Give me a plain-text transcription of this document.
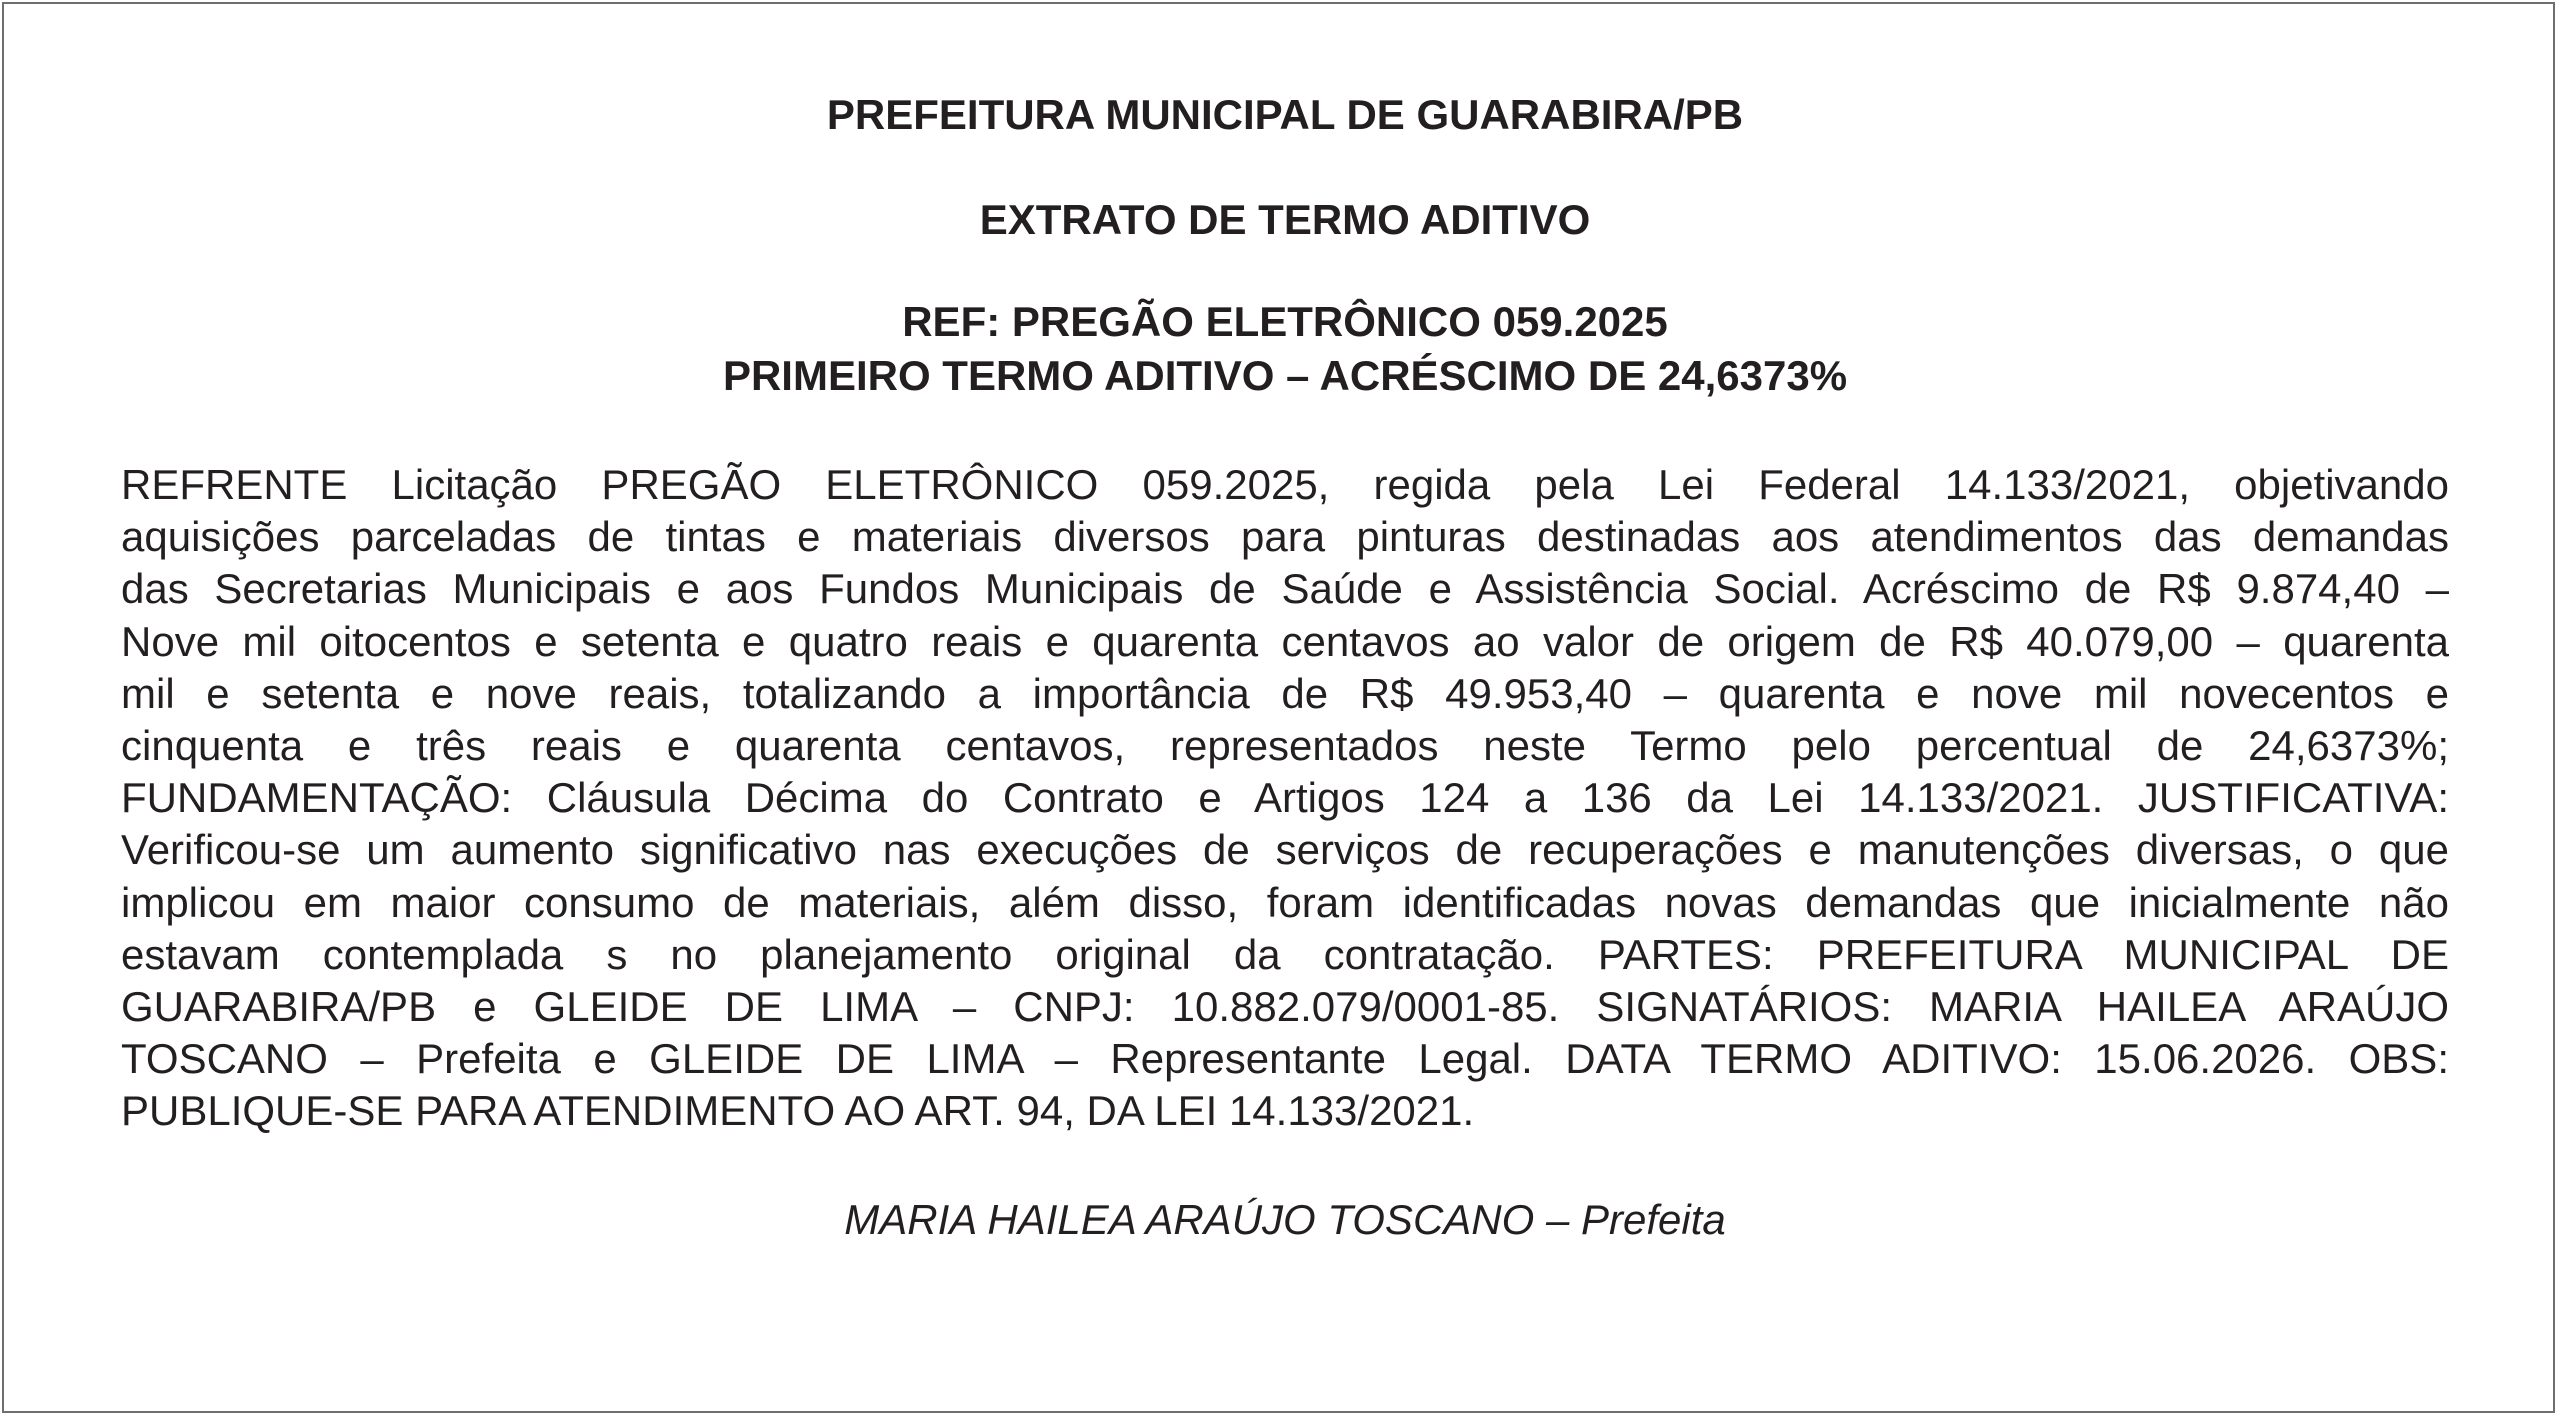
PREFEITURA MUNICIPAL DE GUARABIRA/PB
EXTRATO DE TERMO ADITIVO
REF: PREGÃO ELETRÔNICO 059.2025
PRIMEIRO TERMO ADITIVO – ACRÉSCIMO DE 24,6373%
REFRENTE Licitação PREGÃO ELETRÔNICO 059.2025, regida pela Lei Federal 14.133/2021, objetivando
aquisições parceladas de tintas e materiais diversos para pinturas destinadas aos atendimentos das demandas
das Secretarias Municipais e aos Fundos Municipais de Saúde e Assistência Social. Acréscimo de R$ 9.874,40 –
Nove mil oitocentos e setenta e quatro reais e quarenta centavos ao valor de origem de R$ 40.079,00 – quarenta
mil e setenta e nove reais, totalizando a importância de R$ 49.953,40 – quarenta e nove mil novecentos e
cinquenta e três reais e quarenta centavos, representados neste Termo pelo percentual de 24,6373%;
FUNDAMENTAÇÃO: Cláusula Décima do Contrato e Artigos 124 a 136 da Lei 14.133/2021. JUSTIFICATIVA:
Verificou-se um aumento significativo nas execuções de serviços de recuperações e manutenções diversas, o que
implicou em maior consumo de materiais, além disso, foram identificadas novas demandas que inicialmente não
estavam contemplada s no planejamento original da contratação. PARTES: PREFEITURA MUNICIPAL DE
GUARABIRA/PB e GLEIDE DE LIMA – CNPJ: 10.882.079/0001-85. SIGNATÁRIOS: MARIA HAILEA ARAÚJO
TOSCANO – Prefeita e GLEIDE DE LIMA – Representante Legal. DATA TERMO ADITIVO: 15.06.2026. OBS:
PUBLIQUE-SE PARA ATENDIMENTO AO ART. 94, DA LEI 14.133/2021.
MARIA HAILEA ARAÚJO TOSCANO – Prefeita
